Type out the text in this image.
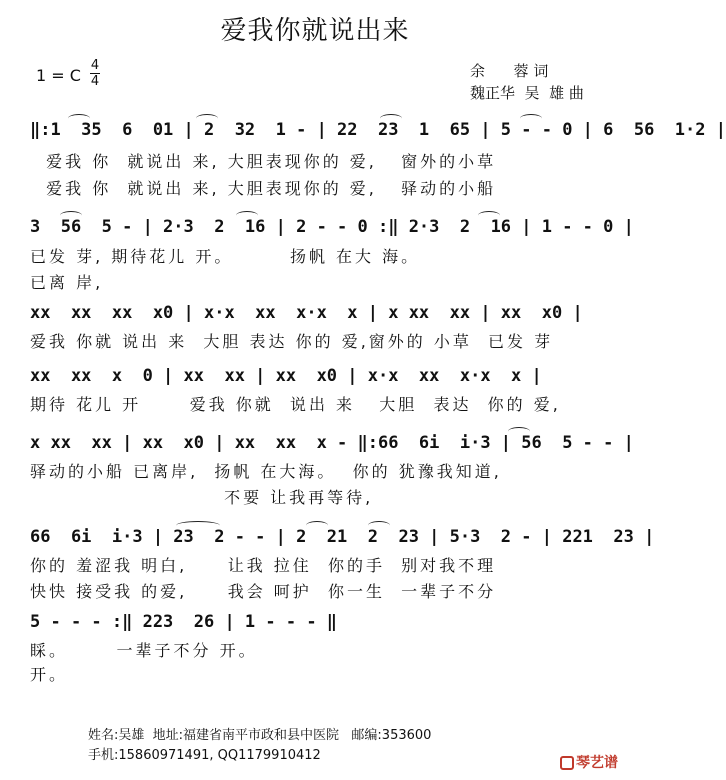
爱我你就说出来
1 = C
4
4
余      蓉 词
魏正华  吴  雄 曲
‖:1  35  6  01 | 2  32  1 - | 22  23  1  65 | 5 - - 0 | 6  56  1·2 |
爱我 你  就说出 来, 大胆表现你的 爱,   窗外的小草
爱我 你  就说出 来, 大胆表现你的 爱,   驿动的小船
3  56  5 - | 2·3  2  16 | 2 - - 0 :‖ 2·3  2  16 | 1 - - 0 |
已发 芽, 期待花儿 开。       扬帆 在大 海。
已离 岸,
xx  xx  xx  x0 | x·x  xx  x·x  x | x xx  xx | xx  x0 |
爱我 你就 说出 来  大胆 表达 你的 爱,窗外的 小草  已发 芽
xx  xx  x  0 | xx  xx | xx  x0 | x·x  xx  x·x  x |
期待 花儿 开      爱我 你就  说出 来   大胆  表达  你的 爱,
x xx  xx | xx  x0 | xx  xx  x - ‖:66  6i  i·3 | 56  5 - - |
驿动的小船 已离岸,  扬帆 在大海。  你的 犹豫我知道,
不要 让我再等待,
66  6i  i·3 | 23  2 - - | 2  21  2  23 | 5·3  2 - | 221  23 |
你的 羞涩我 明白,     让我 拉住  你的手  别对我不理
快快 接受我 的爱,     我会 呵护  你一生  一辈子不分
5 - - - :‖ 223  26 | 1 - - - ‖
睬。      一辈子不分 开。
开。
姓名:吴雄  地址:福建省南平市政和县中医院   邮编:353600
手机:15860971491, QQ1179910412	琴艺谱
